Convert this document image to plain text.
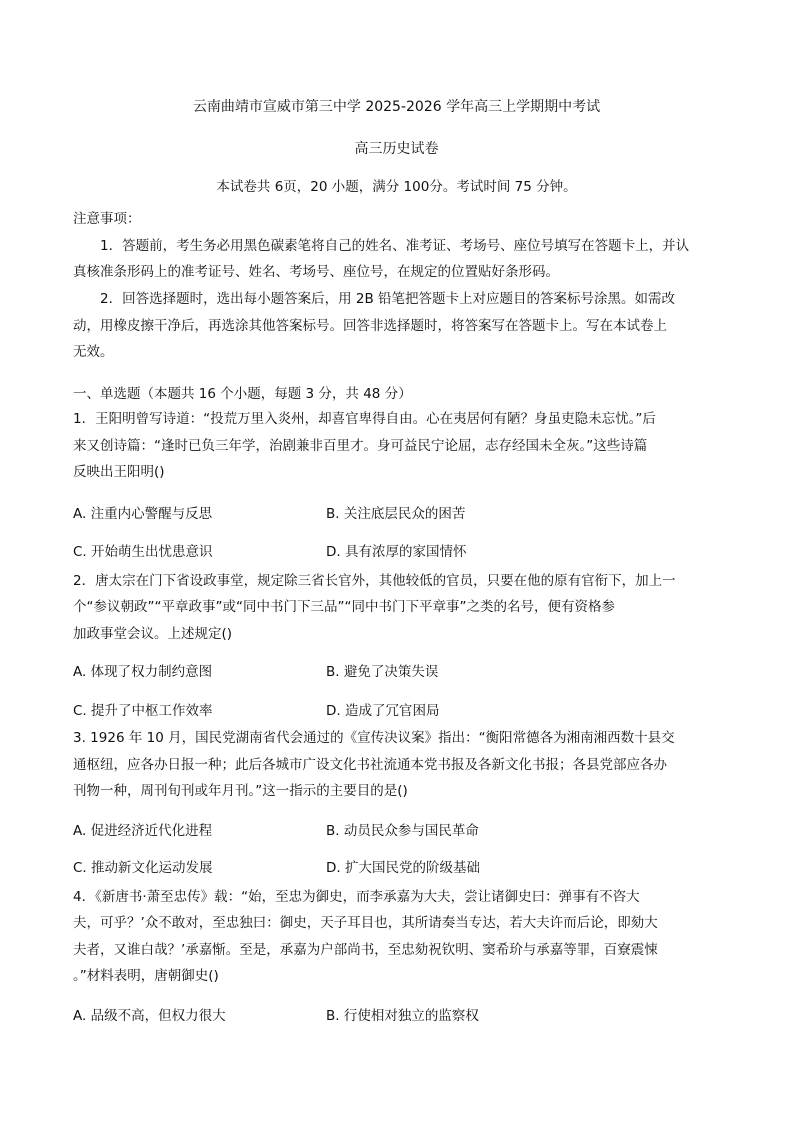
云南曲靖市宣威市第三中学 2025-2026 学年高三上学期期中考试
高三历史试卷
本试卷共 6页，20 小题，满分 100分。考试时间 75 分钟。
注意事项：
1．答题前，考生务必用黑色碳素笔将自己的姓名、准考证、考场号、座位号填写在答题卡上，并认
真核准条形码上的准考证号、姓名、考场号、座位号，在规定的位置贴好条形码。
2．回答选择题时，选出每小题答案后，用 2B 铅笔把答题卡上对应题目的答案标号涂黑。如需改
动，用橡皮擦干净后，再选涂其他答案标号。回答非选择题时，将答案写在答题卡上。写在本试卷上
无效。
一、单选题（本题共 16 个小题，每题 3 分，共 48 分）
1．王阳明曾写诗道：“投荒万里入炎州，却喜官卑得自由。心在夷居何有陋？身虽吏隐未忘忧。”后
来又创诗篇：“逢时已负三年学，治剧兼非百里才。身可益民宁论屈，志存经国未全灰。”这些诗篇
反映出王阳明()
A. 注重内心警醒与反思	B. 关注底层民众的困苦
C. 开始萌生出忧患意识	D. 具有浓厚的家国情怀
2．唐太宗在门下省设政事堂，规定除三省长官外，其他较低的官员，只要在他的原有官衔下，加上一
个“参议朝政”“平章政事”或“同中书门下三品”“同中书门下平章事”之类的名号，便有资格参
加政事堂会议。上述规定()
A. 体现了权力制约意图	B. 避免了决策失误
C. 提升了中枢工作效率	D. 造成了冗官困局
3. 1926 年 10 月，国民党湖南省代会通过的《宣传决议案》指出：“衡阳常德各为湘南湘西数十县交
通枢纽，应各办日报一种；此后各城市广设文化书社流通本党书报及各新文化书报；各县党部应各办
刊物一种，周刊旬刊或年月刊。”这一指示的主要目的是()
A. 促进经济近代化进程	B. 动员民众参与国民革命
C. 推动新文化运动发展	D. 扩大国民党的阶级基础
4．《新唐书·萧至忠传》载：“始，至忠为御史，而李承嘉为大夫，尝让诸御史曰：弹事有不咨大
夫，可乎？’众不敢对，至忠独曰：御史，天子耳目也，其所请奏当专达，若大夫许而后论，即劾大
夫者，又谁白哉？’承嘉惭。至是，承嘉为户部尚书，至忠劾祝钦明、窦希玠与承嘉等罪，百寮震悚
。”材料表明，唐朝御史()
A. 品级不高，但权力很大	B. 行使相对独立的监察权
